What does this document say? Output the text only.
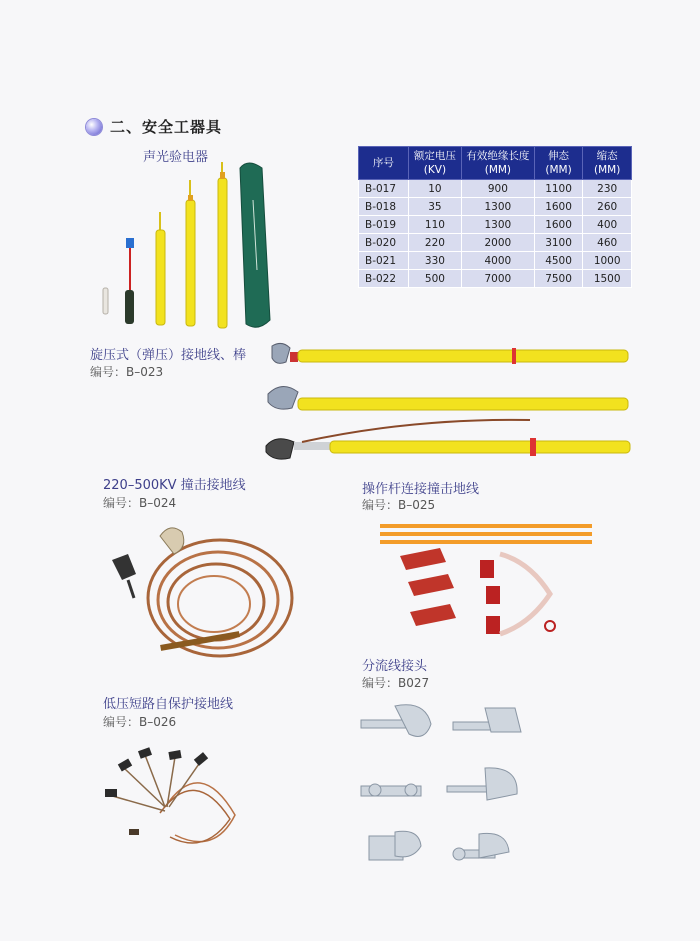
二、安全工器具
声光验电器	序号	额定电压(KV)	有效绝缘长度(MM)	伸态(MM)	缩态(MM)
B-017	10	900	1100	230
B-018	35	1300	1600	260
B-019	110	1300	1600	400
B-020	220	2000	3100	460
B-021	330	4000	4500	1000
B-022	500	7000	7500	1500
旋压式（弹压）接地线、棒
编号：B–023
220–500KV 撞击接地线
编号：B–024
操作杆连接撞击地线
编号：B–025
分流线接头
编号：B027
低压短路自保护接地线
编号：B–026
